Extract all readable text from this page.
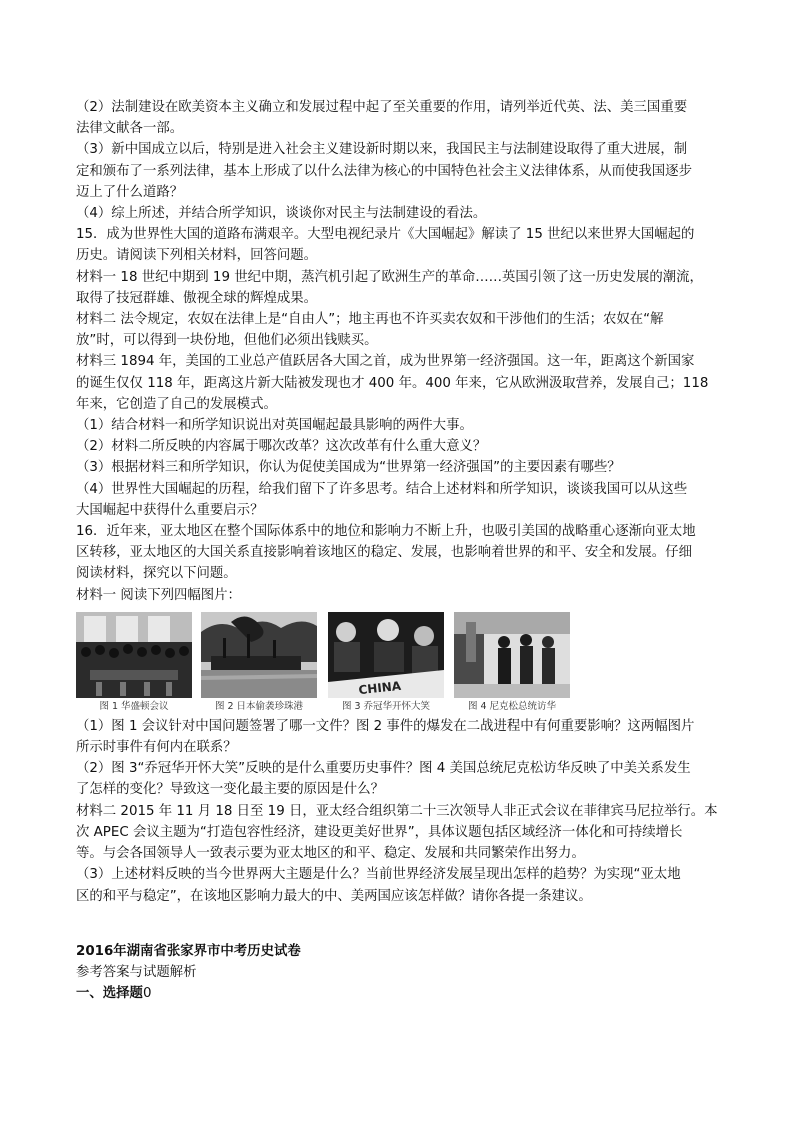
（2）法制建设在欧美资本主义确立和发展过程中起了至关重要的作用，请列举近代英、法、美三国重要

法律文献各一部。

（3）新中国成立以后，特别是进入社会主义建设新时期以来，我国民主与法制建设取得了重大进展，制

定和颁布了一系列法律，基本上形成了以什么法律为核心的中国特色社会主义法律体系，从而使我国逐步

迈上了什么道路？

（4）综上所述，并结合所学知识，谈谈你对民主与法制建设的看法。

15．成为世界性大国的道路布满艰辛。大型电视纪录片《大国崛起》解读了 15 世纪以来世界大国崛起的

历史。请阅读下列相关材料，回答问题。

材料一 18 世纪中期到 19 世纪中期，蒸汽机引起了欧洲生产的革命……英国引领了这一历史发展的潮流，

取得了技冠群雄、傲视全球的辉煌成果。

材料二 法令规定，农奴在法律上是“自由人”；地主再也不许买卖农奴和干涉他们的生活；农奴在“解

放”时，可以得到一块份地，但他们必须出钱赎买。

材料三 1894 年，美国的工业总产值跃居各大国之首，成为世界第一经济强国。这一年，距离这个新国家

的诞生仅仅 118 年，距离这片新大陆被发现也才 400 年。400 年来，它从欧洲汲取营养，发展自己；118

年来，它创造了自己的发展模式。

（1）结合材料一和所学知识说出对英国崛起最具影响的两件大事。

（2）材料二所反映的内容属于哪次改革？这次改革有什么重大意义？

（3）根据材料三和所学知识，你认为促使美国成为“世界第一经济强国”的主要因素有哪些？

（4）世界性大国崛起的历程，给我们留下了许多思考。结合上述材料和所学知识，谈谈我国可以从这些

大国崛起中获得什么重要启示？

16．近年来，亚太地区在整个国际体系中的地位和影响力不断上升，也吸引美国的战略重心逐渐向亚太地

区转移，亚太地区的大国关系直接影响着该地区的稳定、发展，也影响着世界的和平、安全和发展。仔细

阅读材料，探究以下问题。

材料一 阅读下列四幅图片：

图 1 华盛顿会议	图 2 日本偷袭珍珠港
CHINA
图 3 乔冠华开怀大笑	图 4 尼克松总统访华

（1）图 1 会议针对中国问题签署了哪一文件？图 2 事件的爆发在二战进程中有何重要影响？这两幅图片

所示时事件有何内在联系？

（2）图 3“乔冠华开怀大笑”反映的是什么重要历史事件？图 4 美国总统尼克松访华反映了中美关系发生

了怎样的变化？导致这一变化最主要的原因是什么？

材料二 2015 年 11 月 18 日至 19 日，亚太经合组织第二十三次领导人非正式会议在菲律宾马尼拉举行。本

次 APEC 会议主题为“打造包容性经济，建设更美好世界”，具体议题包括区域经济一体化和可持续增长

等。与会各国领导人一致表示要为亚太地区的和平、稳定、发展和共同繁荣作出努力。

（3）上述材料反映的当今世界两大主题是什么？当前世界经济发展呈现出怎样的趋势？为实现“亚太地

区的和平与稳定”，在该地区影响力最大的中、美两国应该怎样做？请你各提一条建议。

2016年湖南省张家界市中考历史试卷

参考答案与试题解析

一、选择题0
